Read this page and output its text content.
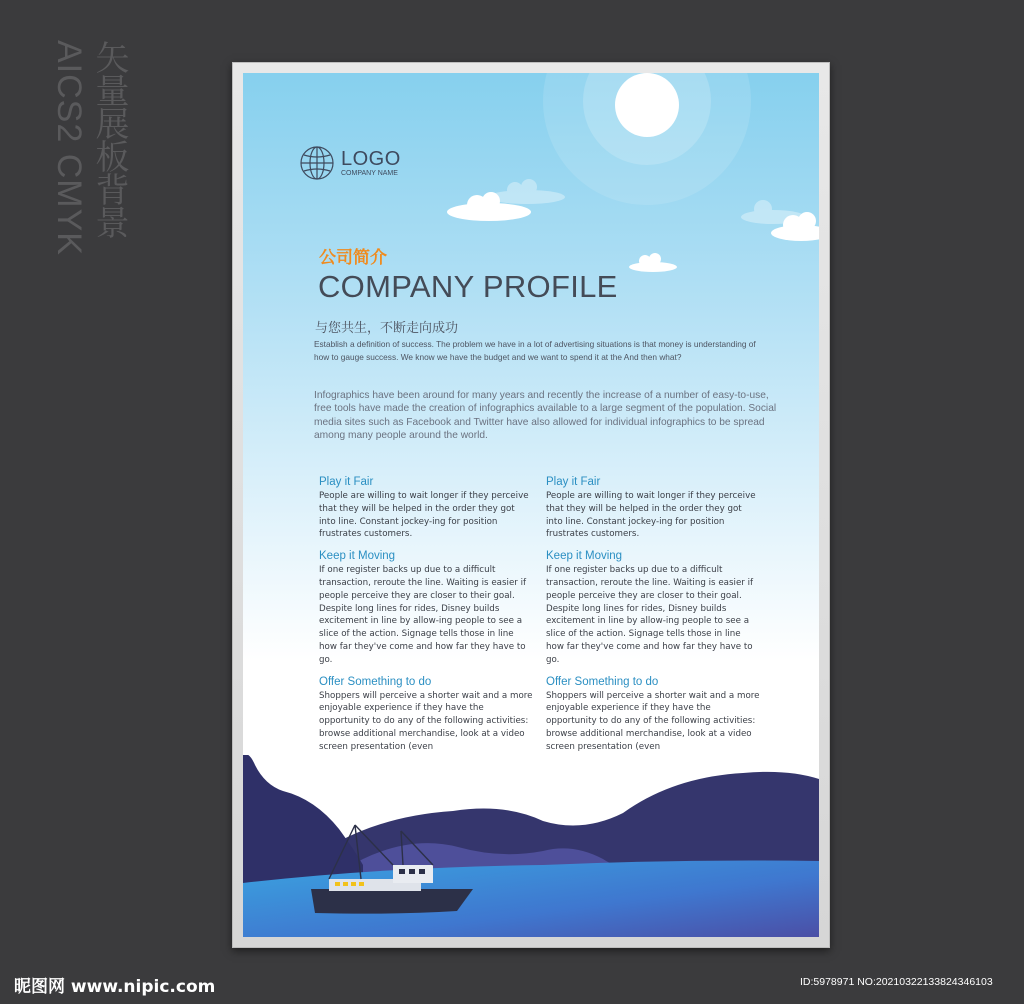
矢量展板背景
AICS2 CMYK	LOGO
COMPANY NAME
公司简介
COMPANY PROFILE
与您共生，不断走向成功
Establish a definition of success. The problem we have in a lot of advertising situations is that money is understanding of how to gauge success. We know we have the budget and we want to spend it at the And then what?
Infographics have been around for many years and recently the increase of a number of easy-to-use, free tools have made the creation of infographics available to a large segment of the population. Social media sites such as Facebook and Twitter have also allowed for individual infographics to be spread among many people around the world.
Play it Fair
People are willing to wait longer if they perceive that they will be helped in the order they got into line. Constant jockey-ing for position frustrates customers.
Keep it Moving
If one register backs up due to a difficult transaction, reroute the line. Waiting is easier if people perceive they are closer to their goal. Despite long lines for rides, Disney builds excitement in line by allow-ing people to see a slice of the action. Signage tells those in line how far they've come and how far they have to go.
Offer Something to do
Shoppers will perceive a shorter wait and a more enjoyable experience if they have the opportunity to do any of the following activities: browse additional merchandise, look at a video screen presentation (even
Play it Fair
People are willing to wait longer if they perceive that they will be helped in the order they got into line. Constant jockey-ing for position frustrates customers.
Keep it Moving
If one register backs up due to a difficult transaction, reroute the line. Waiting is easier if people perceive they are closer to their goal. Despite long lines for rides, Disney builds excitement in line by allow-ing people to see a slice of the action. Signage tells those in line how far they've come and how far they have to go.
Offer Something to do
Shoppers will perceive a shorter wait and a more enjoyable experience if they have the opportunity to do any of the following activities: browse additional merchandise, look at a video screen presentation (even
昵图网 www.nipic.com	ID:5978971 NO:20210322133824346103
